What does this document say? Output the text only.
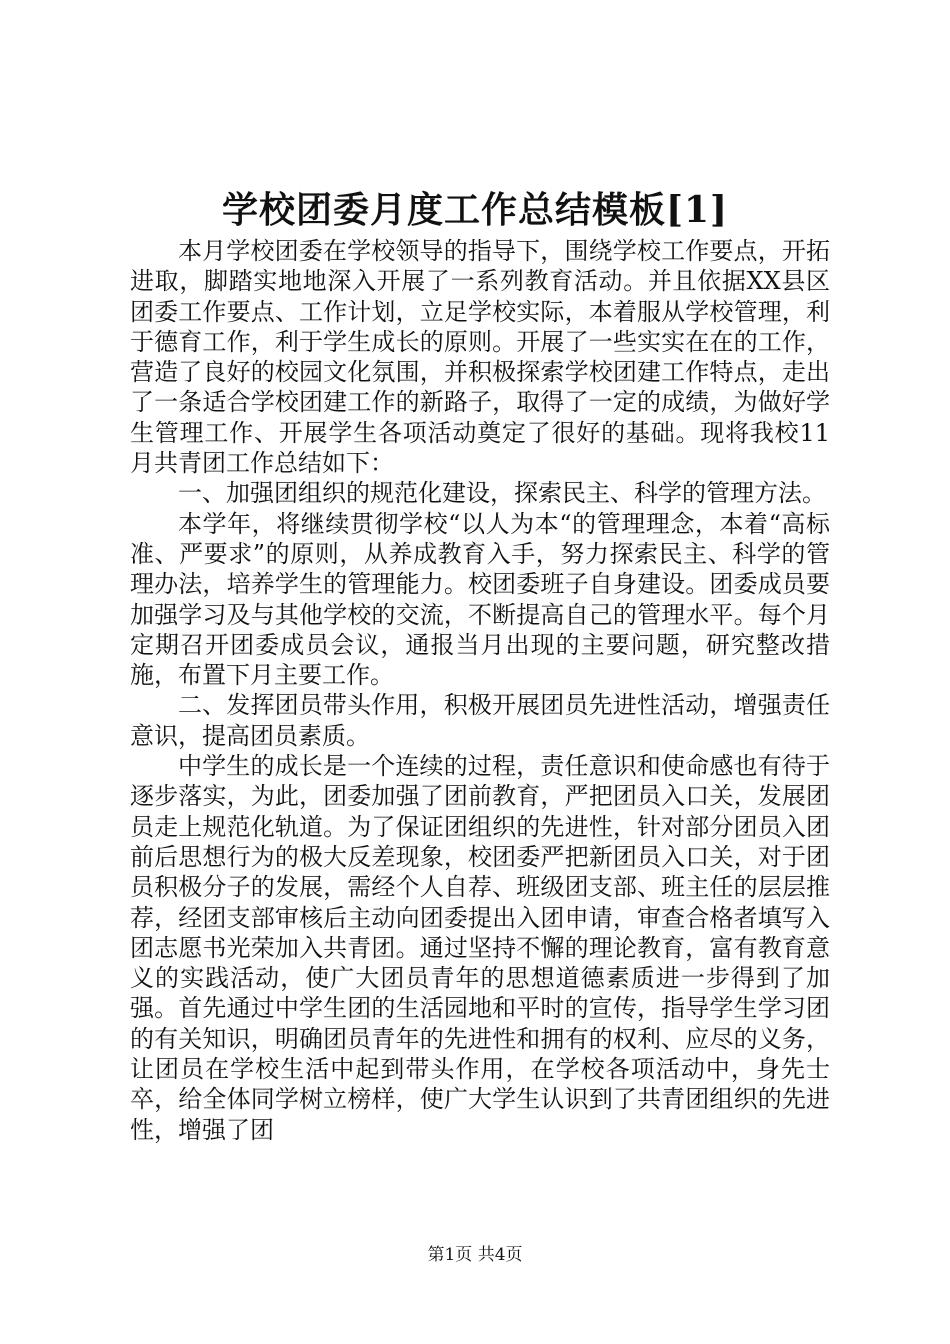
学校团委月度工作总结模板[1]

本月学校团委在学校领导的指导下，围绕学校工作要点，开拓进取，脚踏实地地深入开展了一系列教育活动。并且依据XX县区团委工作要点、工作计划，立足学校实际，本着服从学校管理，利于德育工作，利于学生成长的原则。开展了一些实实在在的工作，营造了良好的校园文化氛围，并积极探索学校团建工作特点，走出了一条适合学校团建工作的新路子，取得了一定的成绩，为做好学生管理工作、开展学生各项活动奠定了很好的基础。现将我校11月共青团工作总结如下：

一、加强团组织的规范化建设，探索民主、科学的管理方法。

本学年，将继续贯彻学校“以人为本“的管理理念，本着“高标准、严要求”的原则，从养成教育入手，努力探索民主、科学的管理办法，培养学生的管理能力。校团委班子自身建设。团委成员要加强学习及与其他学校的交流，不断提高自己的管理水平。每个月定期召开团委成员会议，通报当月出现的主要问题，研究整改措施，布置下月主要工作。

二、发挥团员带头作用，积极开展团员先进性活动，增强责任意识，提高团员素质。

中学生的成长是一个连续的过程，责任意识和使命感也有待于逐步落实，为此，团委加强了团前教育，严把团员入口关，发展团员走上规范化轨道。为了保证团组织的先进性，针对部分团员入团前后思想行为的极大反差现象，校团委严把新团员入口关，对于团员积极分子的发展，需经个人自荐、班级团支部、班主任的层层推荐，经团支部审核后主动向团委提出入团申请，审查合格者填写入团志愿书光荣加入共青团。通过坚持不懈的理论教育，富有教育意义的实践活动，使广大团员青年的思想道德素质进一步得到了加强。首先通过中学生团的生活园地和平时的宣传，指导学生学习团的有关知识，明确团员青年的先进性和拥有的权利、应尽的义务，让团员在学校生活中起到带头作用，在学校各项活动中，身先士卒，给全体同学树立榜样，使广大学生认识到了共青团组织的先进性，增强了团

第1页 共4页
